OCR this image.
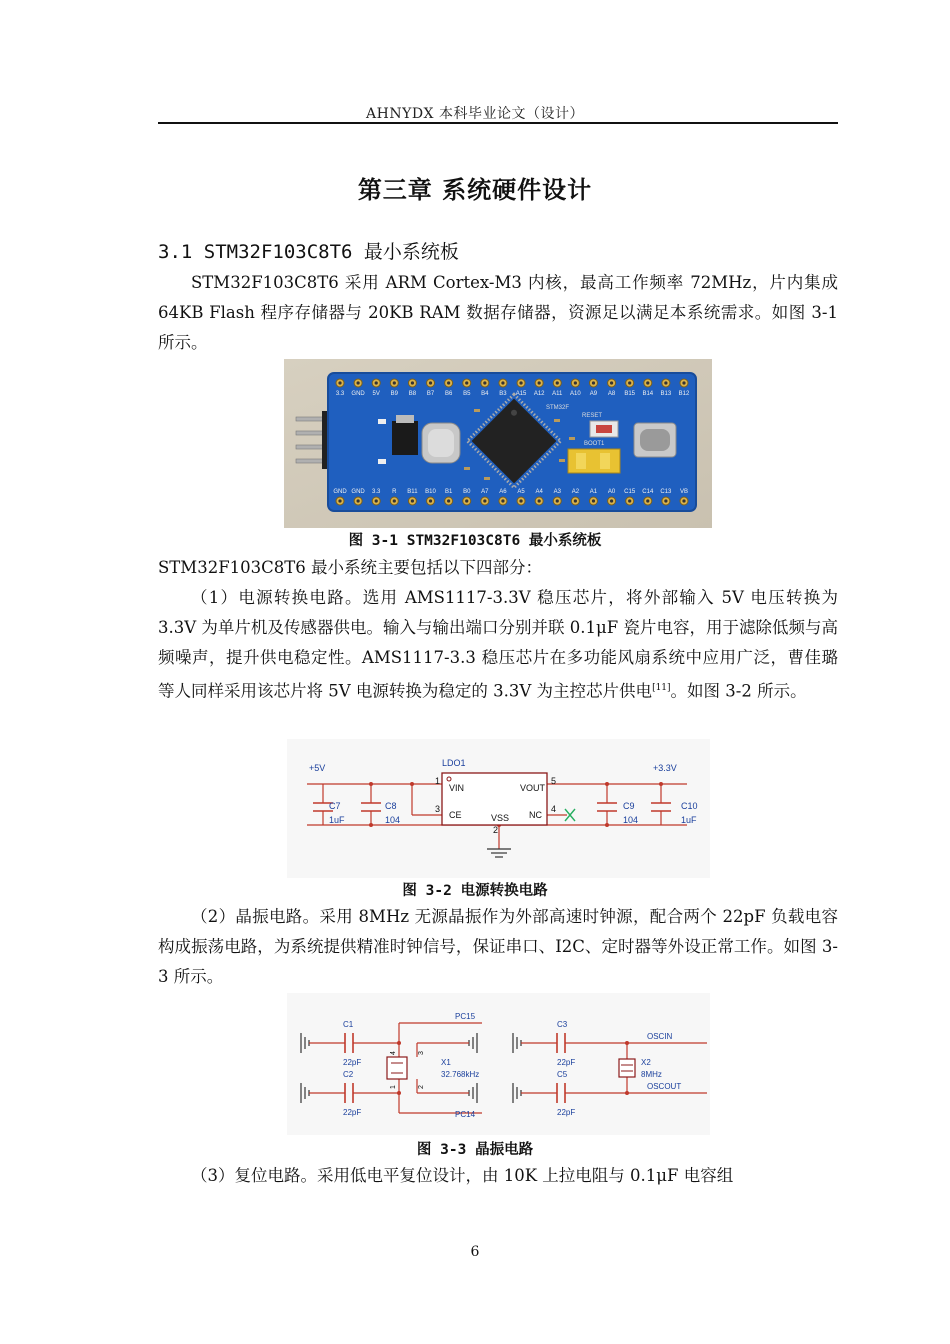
AHNYDX 本科毕业论文（设计）
第三章 系统硬件设计
3.1 STM32F103C8T6 最小系统板

STM32F103C8T6 采用 ARM Cortex-M3 内核，最高工作频率 72MHz，片内集成 64KB Flash 程序存储器与 20KB RAM 数据存储器，资源足以满足本系统需求。如图 3-1 所示。

3.3 GND 5V B9 B8 B7 B6 B5 B4 B3 A15 A12 A11 A10 A9 A8 B15 B14 B13 B12
GND GND 3.3 R B11 B10 B1 B0 A7 A6 A5 A4 A3 A2 A1 A0 C15 C14 C13 VB
RESET
BOOT1
STM32F
图 3-1 STM32F103C8T6 最小系统板

STM32F103C8T6 最小系统主要包括以下四部分：

（1）电源转换电路。选用 AMS1117-3.3V 稳压芯片，将外部输入 5V 电压转换为 3.3V 为单片机及传感器供电。输入与输出端口分别并联 0.1μF 瓷片电容，用于滤除低频与高频噪声，提升供电稳定性。AMS1117-3.3 稳压芯片在多功能风扇系统中应用广泛，曹佳璐等人同样采用该芯片将 5V 电源转换为稳定的 3.3V 为主控芯片供电[11]。如图 3-2 所示。

+5V	+3.3V
LDO1
C7
1uF
C8
104
C9
104
C10
1uF
VIN	VOUT
CE	VSS NC
1
2
3	4
5
图 3-2 电源转换电路

（2）晶振电路。采用 8MHz 无源晶振作为外部高速时钟源，配合两个 22pF 负载电容构成振荡电路，为系统提供精准时钟信号，保证串口、I2C、定时器等外设正常工作。如图 3-3 所示。

C1
22pF
C2
22pF
PC15
PC14
X1
32.768kHz
C3
22pF
C5
22pF
OSCIN
OSCOUT
X2
8MHz
1	2
3
4
图 3-3 晶振电路

（3）复位电路。采用低电平复位设计，由 10K 上拉电阻与 0.1μF 电容组

6
